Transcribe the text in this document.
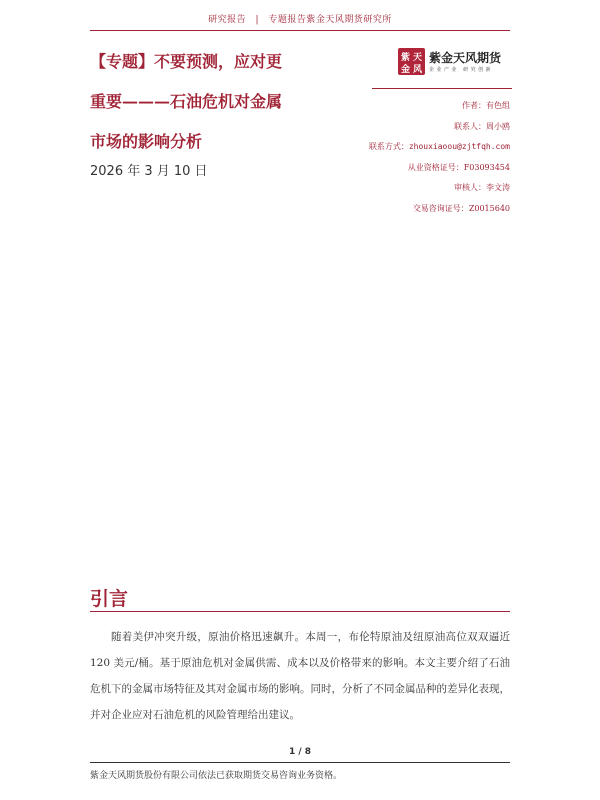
研究报告 | 专题报告紫金天风期货研究所
【专题】不要预测，应对更
重要———石油危机对金属
市场的影响分析
2026 年 3 月 10 日
紫 天
金 风
紫金天风期货
企业产业 研究创新
作者：有色组
联系人：周小鸥
联系方式：zhouxiaoou@zjtfqh.com
从业资格证号：F03093454
审核人：李文涛
交易咨询证号：Z0015640
引言
随着美伊冲突升级，原油价格迅速飙升。本周一，布伦特原油及纽原油高位双双逼近 120 美元/桶。基于原油危机对金属供需、成本以及价格带来的影响。本文主要介绍了石油危机下的金属市场特征及其对金属市场的影响。同时，分析了不同金属品种的差异化表现，并对企业应对石油危机的风险管理给出建议。
1 / 8
紫金天风期货股份有限公司依法已获取期货交易咨询业务资格。
